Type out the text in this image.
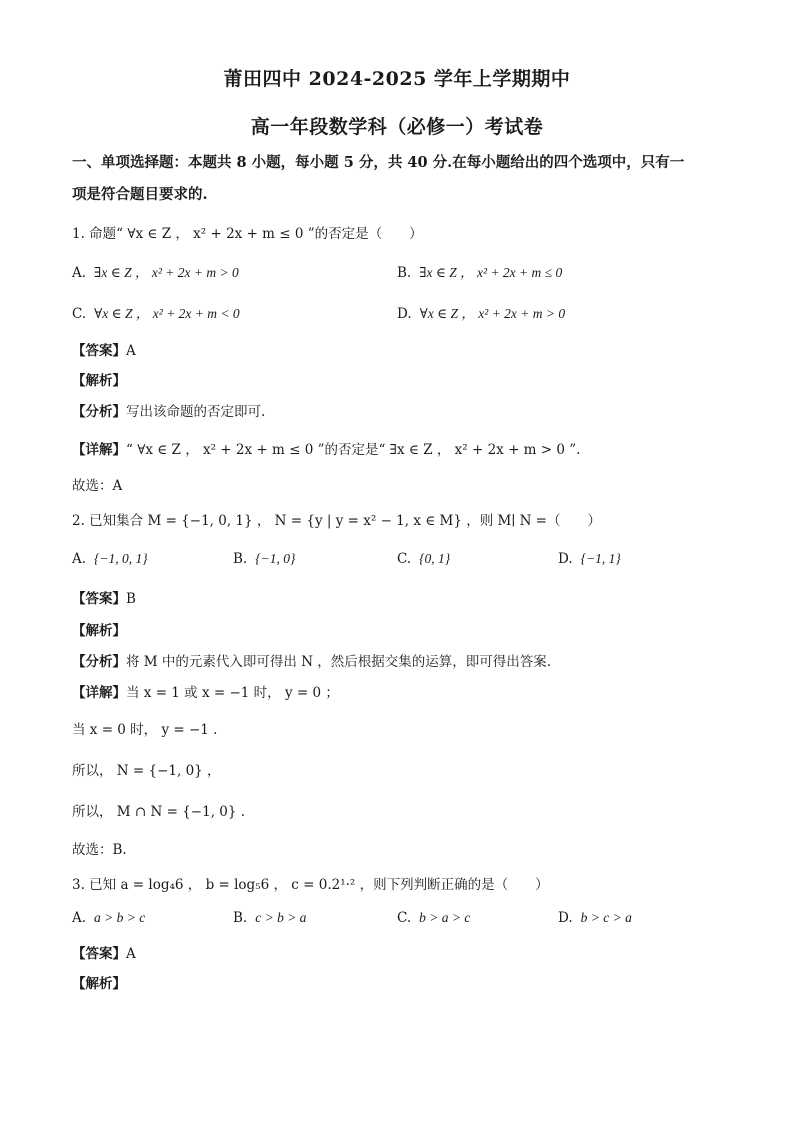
莆田四中 2024-2025 学年上学期期中
高一年段数学科（必修一）考试卷
一、单项选择题：本题共 8 小题，每小题 5 分，共 40 分.在每小题给出的四个选项中，只有一
项是符合题目要求的.
1. 命题“ ∀x ∈ Z ， x² + 2x + m ≤ 0 ”的否定是（　　）
A. ∃x ∈ Z ， x² + 2x + m > 0	B. ∃x ∈ Z ， x² + 2x + m ≤ 0
C. ∀x ∈ Z ， x² + 2x + m < 0	D. ∀x ∈ Z ， x² + 2x + m > 0
【答案】A
【解析】
【分析】写出该命题的否定即可.
【详解】“ ∀x ∈ Z ， x² + 2x + m ≤ 0 ”的否定是“ ∃x ∈ Z ， x² + 2x + m > 0 ”.
故选：A
2. 已知集合 M = {−1, 0, 1} ， N = {y | y = x² − 1, x ∈ M} ，则 M∣ N =（　　）
A. {−1, 0, 1}	B. {−1, 0}	C. {0, 1}	D. {−1, 1}
【答案】B
【解析】
【分析】将 M 中的元素代入即可得出 N ，然后根据交集的运算，即可得出答案.
【详解】当 x = 1 或 x = −1 时， y = 0 ；
当 x = 0 时， y = −1 .
所以， N = {−1, 0} ，
所以， M ∩ N = {−1, 0} .
故选：B.
3. 已知 a = log₄6 ， b = log₅6 ， c = 0.2¹·² ，则下列判断正确的是（　　）
A. a > b > c	B. c > b > a	C. b > a > c	D. b > c > a
【答案】A
【解析】
